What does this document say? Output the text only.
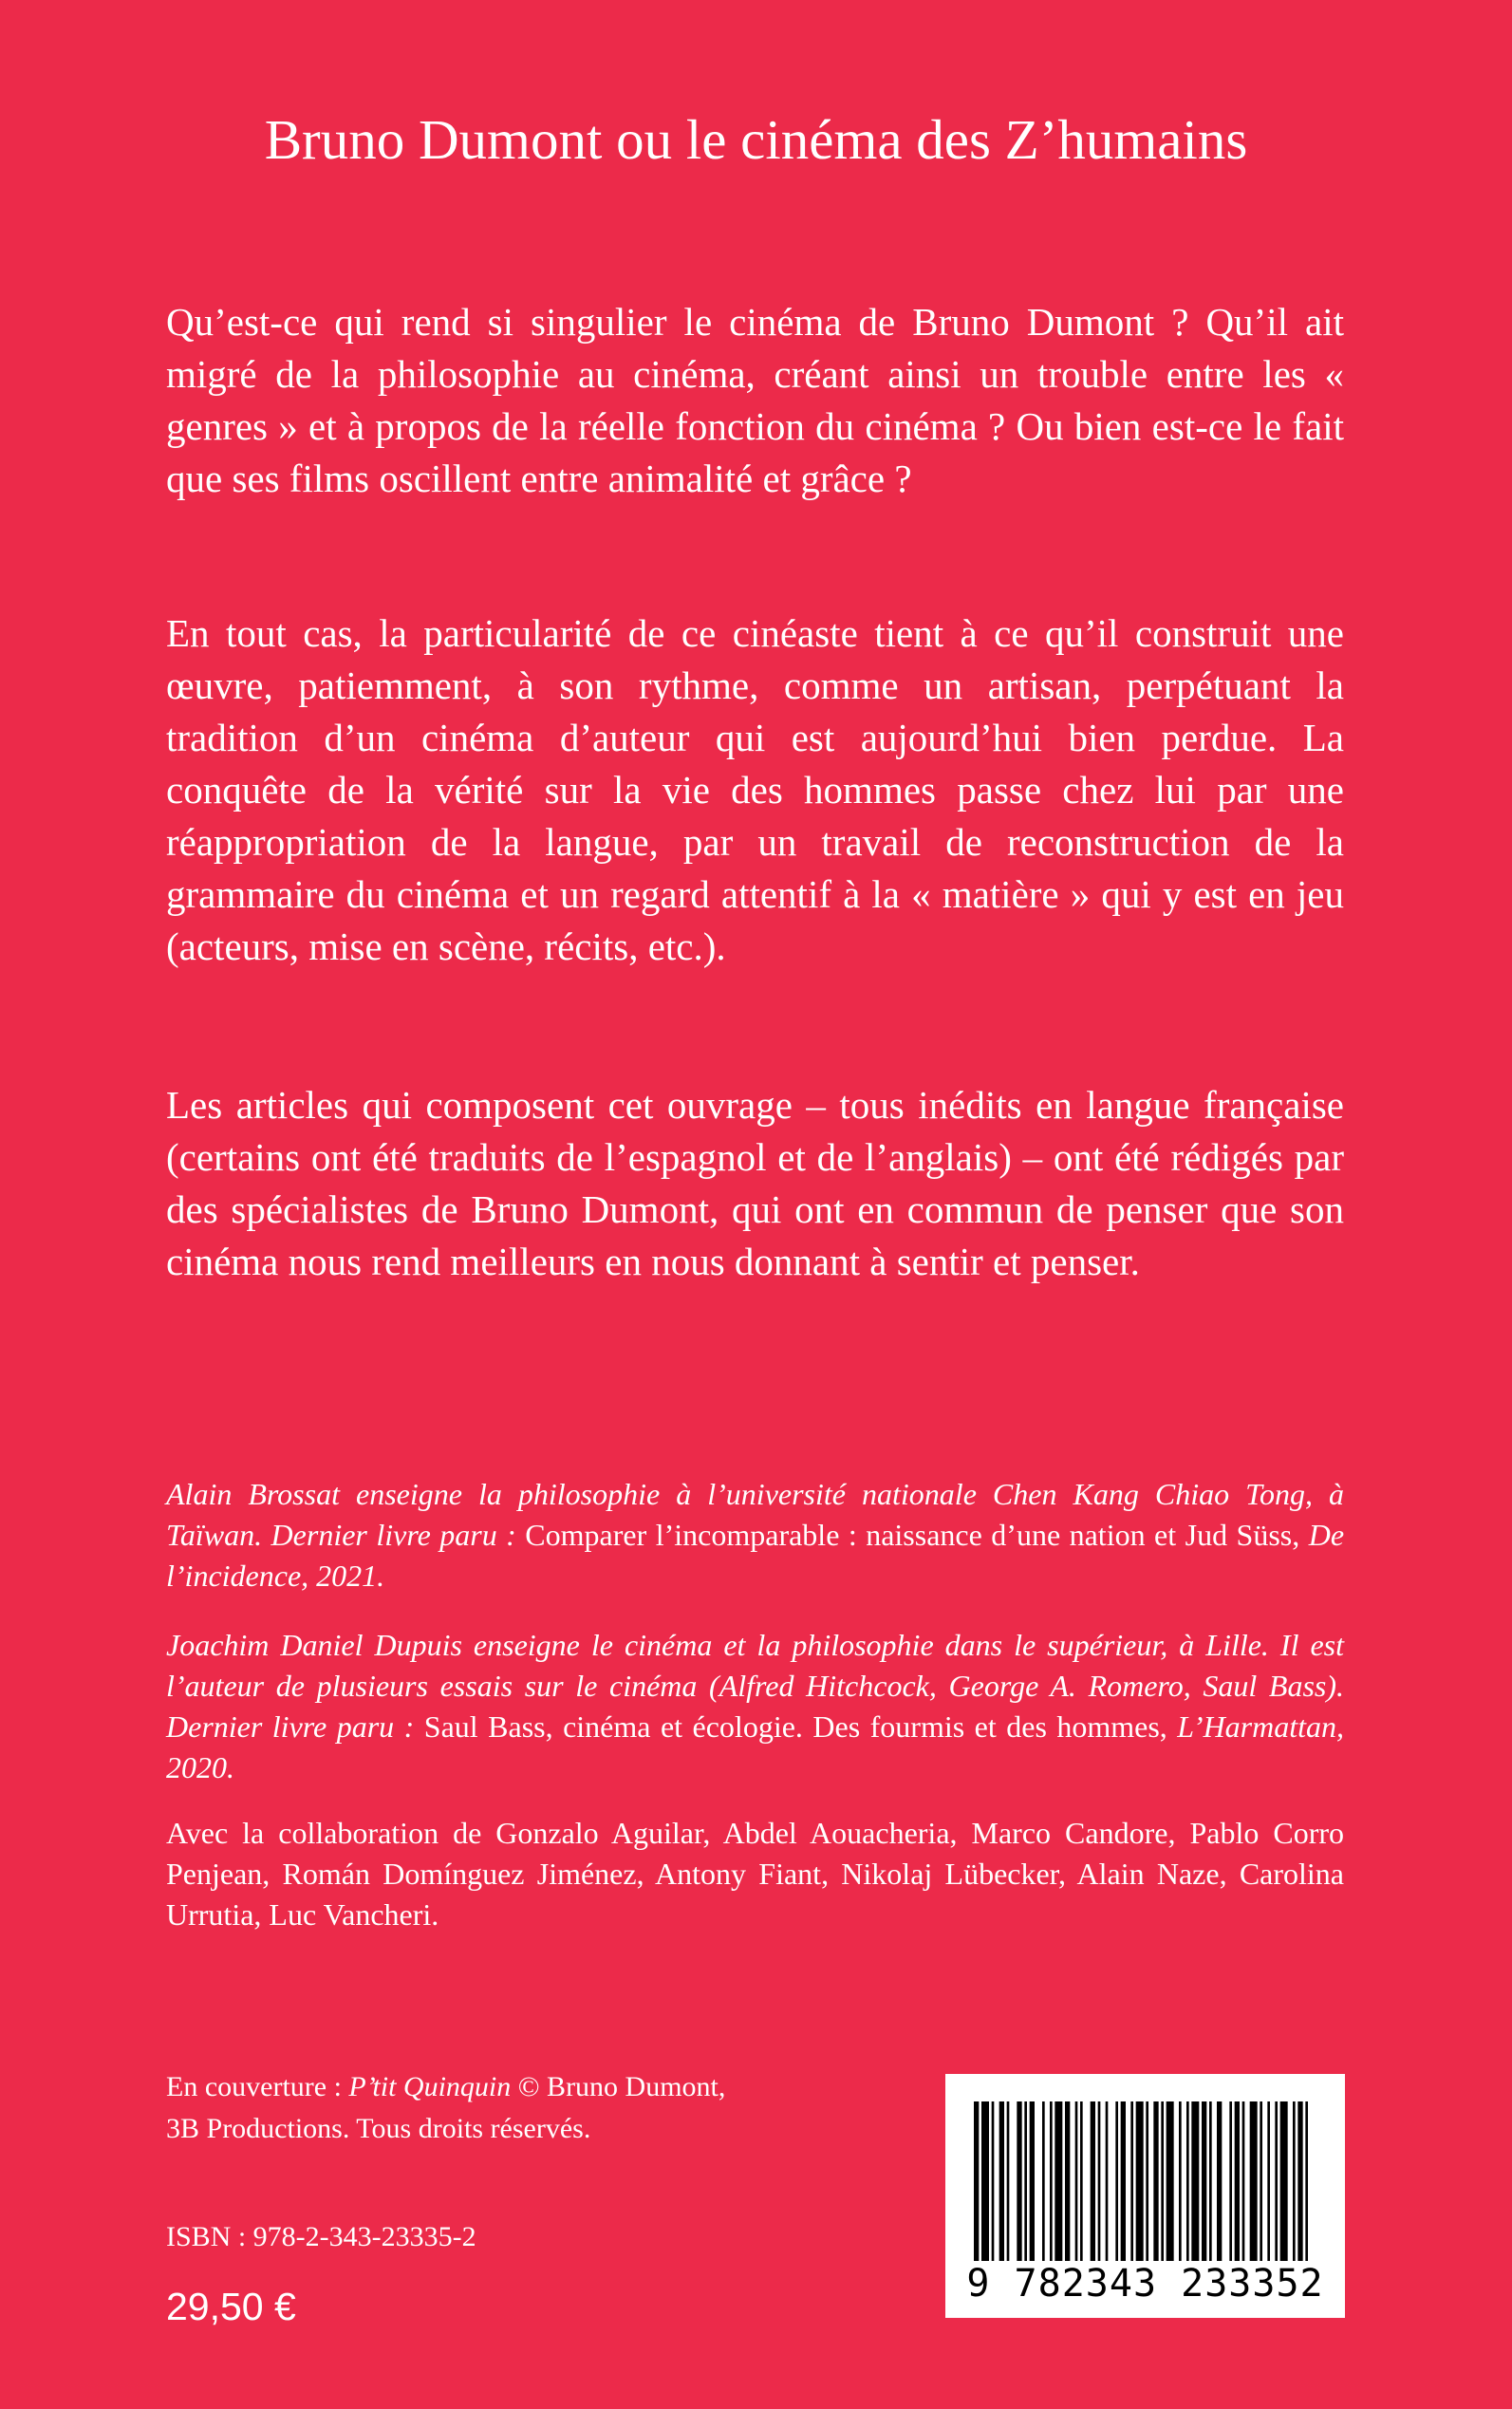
Bruno Dumont ou le cinéma des Z’humains
Qu’est-ce qui rend si singulier le cinéma de Bruno Dumont ? Qu’il ait migré de la philosophie au cinéma, créant ainsi un trouble entre les « genres » et à propos de la réelle fonction du cinéma ? Ou bien est-ce le fait que ses films oscillent entre animalité et grâce ?
En tout cas, la particularité de ce cinéaste tient à ce qu’il construit une œuvre, patiemment, à son rythme, comme un artisan, perpétuant la tradition d’un cinéma d’auteur qui est aujourd’hui bien perdue. La conquête de la vérité sur la vie des hommes passe chez lui par une réappropriation de la langue, par un travail de reconstruction de la grammaire du cinéma et un regard attentif à la « matière » qui y est en jeu (acteurs, mise en scène, récits, etc.).
Les articles qui composent cet ouvrage – tous inédits en langue française (certains ont été traduits de l’espagnol et de l’anglais) – ont été rédigés par des spécialistes de Bruno Dumont, qui ont en commun de penser que son cinéma nous rend meilleurs en nous donnant à sentir et penser.
Alain Brossat enseigne la philosophie à l’université nationale Chen Kang Chiao Tong, à Taïwan. Dernier livre paru : Comparer l’incomparable : naissance d’une nation et Jud Süss, De l’incidence, 2021.
Joachim Daniel Dupuis enseigne le cinéma et la philosophie dans le supérieur, à Lille. Il est l’auteur de plusieurs essais sur le cinéma (Alfred Hitchcock, George A. Romero, Saul Bass). Dernier livre paru : Saul Bass, cinéma et écologie. Des fourmis et des hommes, L’Harmattan, 2020.
Avec la collaboration de Gonzalo Aguilar, Abdel Aouacheria, Marco Candore, Pablo Corro Penjean, Román Domínguez Jiménez, Antony Fiant, Nikolaj Lübecker, Alain Naze, Carolina Urrutia, Luc Vancheri.
En couverture : P’tit Quinquin © Bruno Dumont,
3B Productions. Tous droits réservés.
ISBN : 978-2-343-23335-2
29,50 €
9 782343 233352
